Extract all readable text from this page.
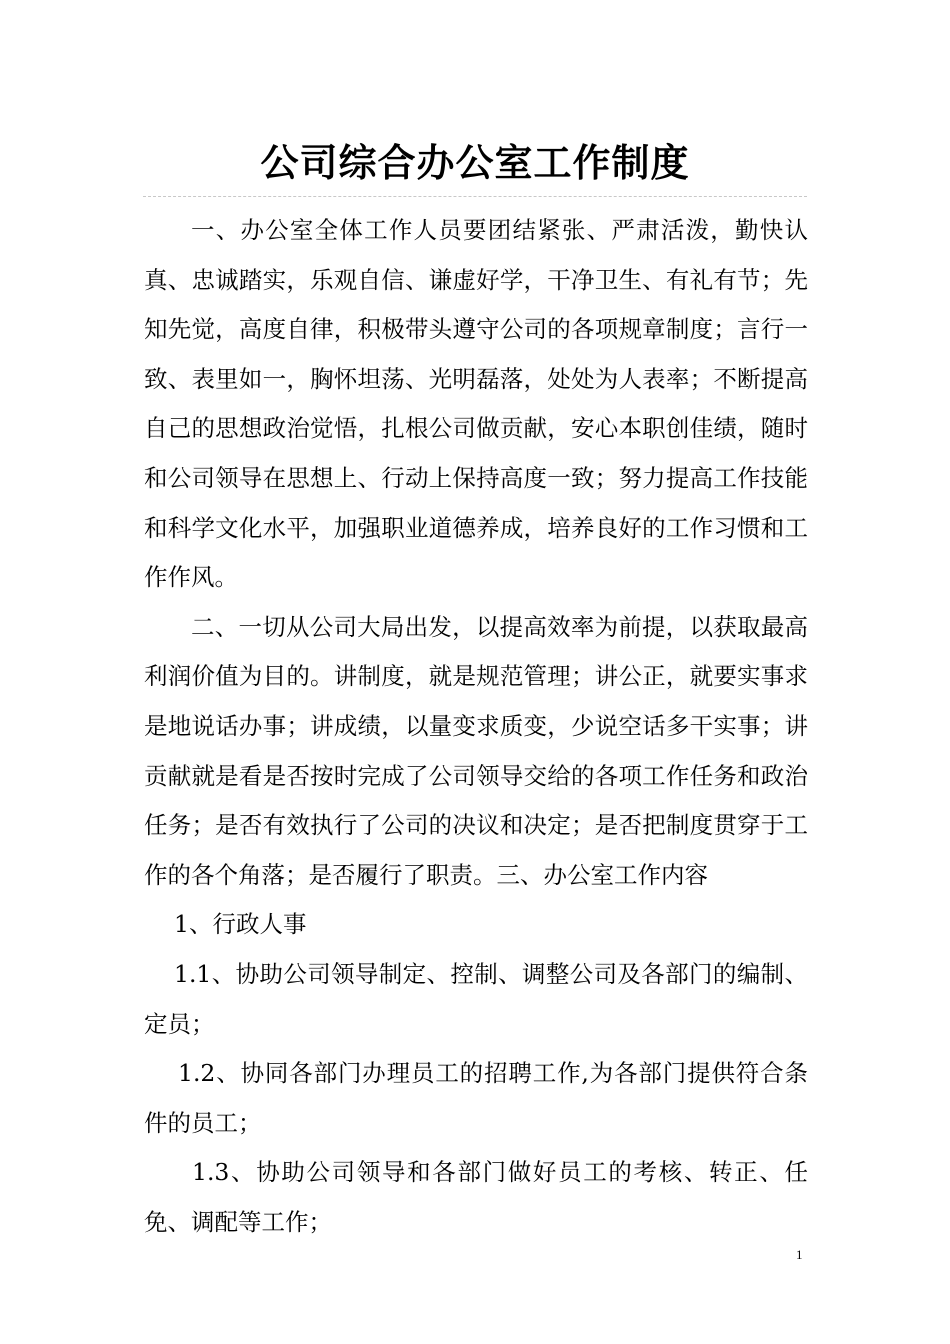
公司综合办公室工作制度

一、办公室全体工作人员要团结紧张、严肃活泼，勤快认真、忠诚踏实，乐观自信、谦虚好学，干净卫生、有礼有节；先知先觉，高度自律，积极带头遵守公司的各项规章制度；言行一致、表里如一，胸怀坦荡、光明磊落，处处为人表率；不断提高自己的思想政治觉悟，扎根公司做贡献，安心本职创佳绩，随时和公司领导在思想上、行动上保持高度一致；努力提高工作技能和科学文化水平，加强职业道德养成，培养良好的工作习惯和工作作风。

二、一切从公司大局出发，以提高效率为前提，以获取最高利润价值为目的。讲制度，就是规范管理；讲公正，就要实事求是地说话办事；讲成绩，以量变求质变，少说空话多干实事；讲贡献就是看是否按时完成了公司领导交给的各项工作任务和政治任务；是否有效执行了公司的决议和决定；是否把制度贯穿于工作的各个角落；是否履行了职责。三、办公室工作内容

1、行政人事

1.1、协助公司领导制定、控制、调整公司及各部门的编制、定员；

1.2、协同各部门办理员工的招聘工作,为各部门提供符合条件的员工；

1.3、协助公司领导和各部门做好员工的考核、转正、任免、调配等工作；

1
